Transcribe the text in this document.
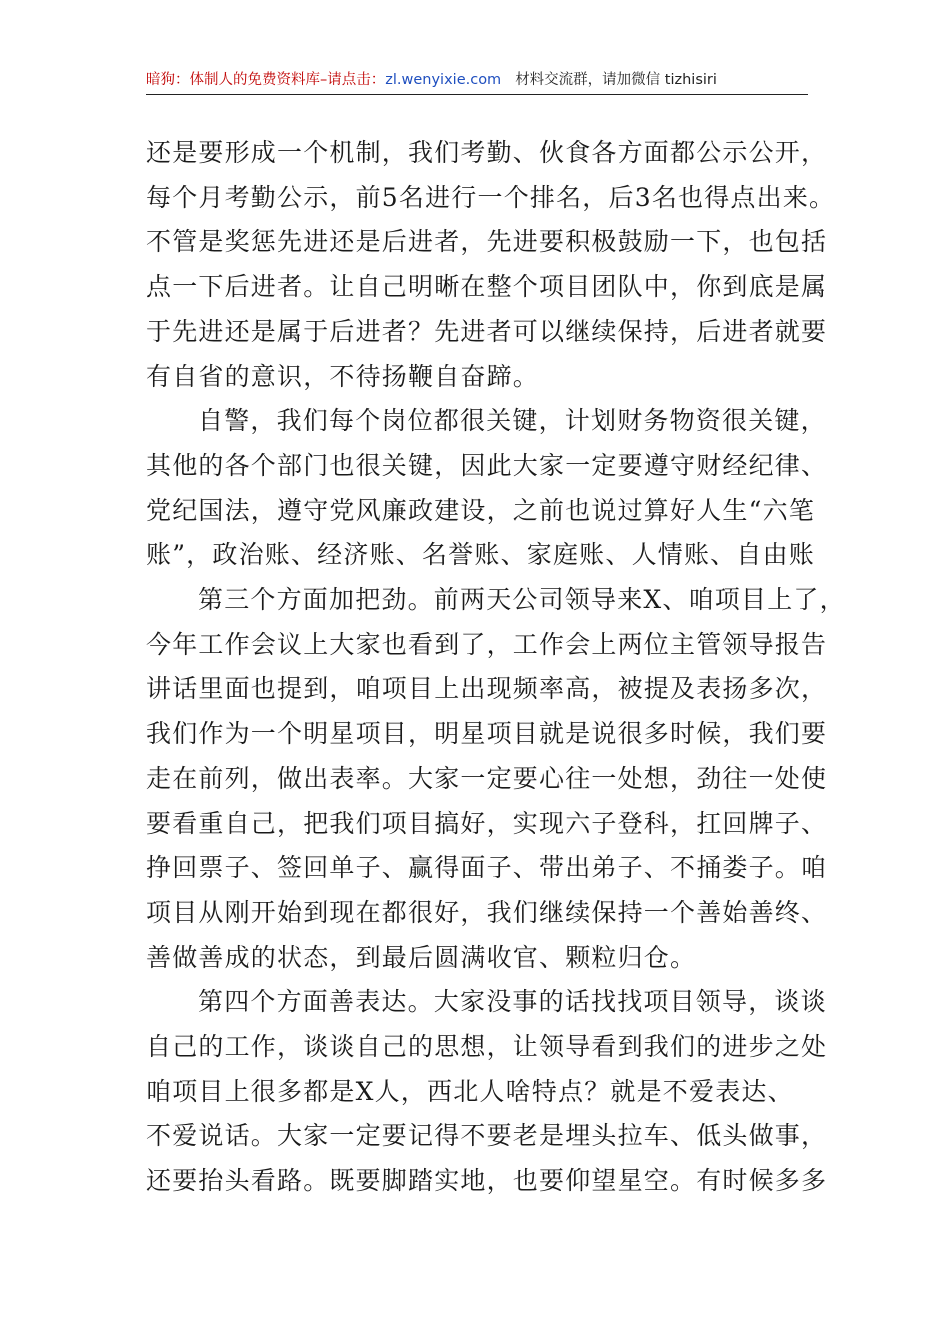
暗狗：体制人的免费资料库–请点击：zl.wenyixie.com 材料交流群，请加微信 tizhisiri

还是要形成一个机制，我们考勤、伙食各方面都公示公开，
每个月考勤公示，前5名进行一个排名，后3名也得点出来。
不管是奖惩先进还是后进者，先进要积极鼓励一下，也包括
点一下后进者。让自己明晰在整个项目团队中，你到底是属
于先进还是属于后进者？先进者可以继续保持，后进者就要
有自省的意识，不待扬鞭自奋蹄。

自警，我们每个岗位都很关键，计划财务物资很关键，
其他的各个部门也很关键，因此大家一定要遵守财经纪律、
党纪国法，遵守党风廉政建设，之前也说过算好人生“六笔
账”，政治账、经济账、名誉账、家庭账、人情账、自由账

第三个方面加把劲。前两天公司领导来X、咱项目上了，
今年工作会议上大家也看到了，工作会上两位主管领导报告
讲话里面也提到，咱项目上出现频率高，被提及表扬多次，
我们作为一个明星项目，明星项目就是说很多时候，我们要
走在前列，做出表率。大家一定要心往一处想，劲往一处使
要看重自己，把我们项目搞好，实现六子登科，扛回牌子、
挣回票子、签回单子、赢得面子、带出弟子、不捅娄子。咱
项目从刚开始到现在都很好，我们继续保持一个善始善终、
善做善成的状态，到最后圆满收官、颗粒归仓。

第四个方面善表达。大家没事的话找找项目领导，谈谈
自己的工作，谈谈自己的思想，让领导看到我们的进步之处
咱项目上很多都是X人，西北人啥特点？就是不爱表达、
不爱说话。大家一定要记得不要老是埋头拉车、低头做事，
还要抬头看路。既要脚踏实地，也要仰望星空。有时候多多
